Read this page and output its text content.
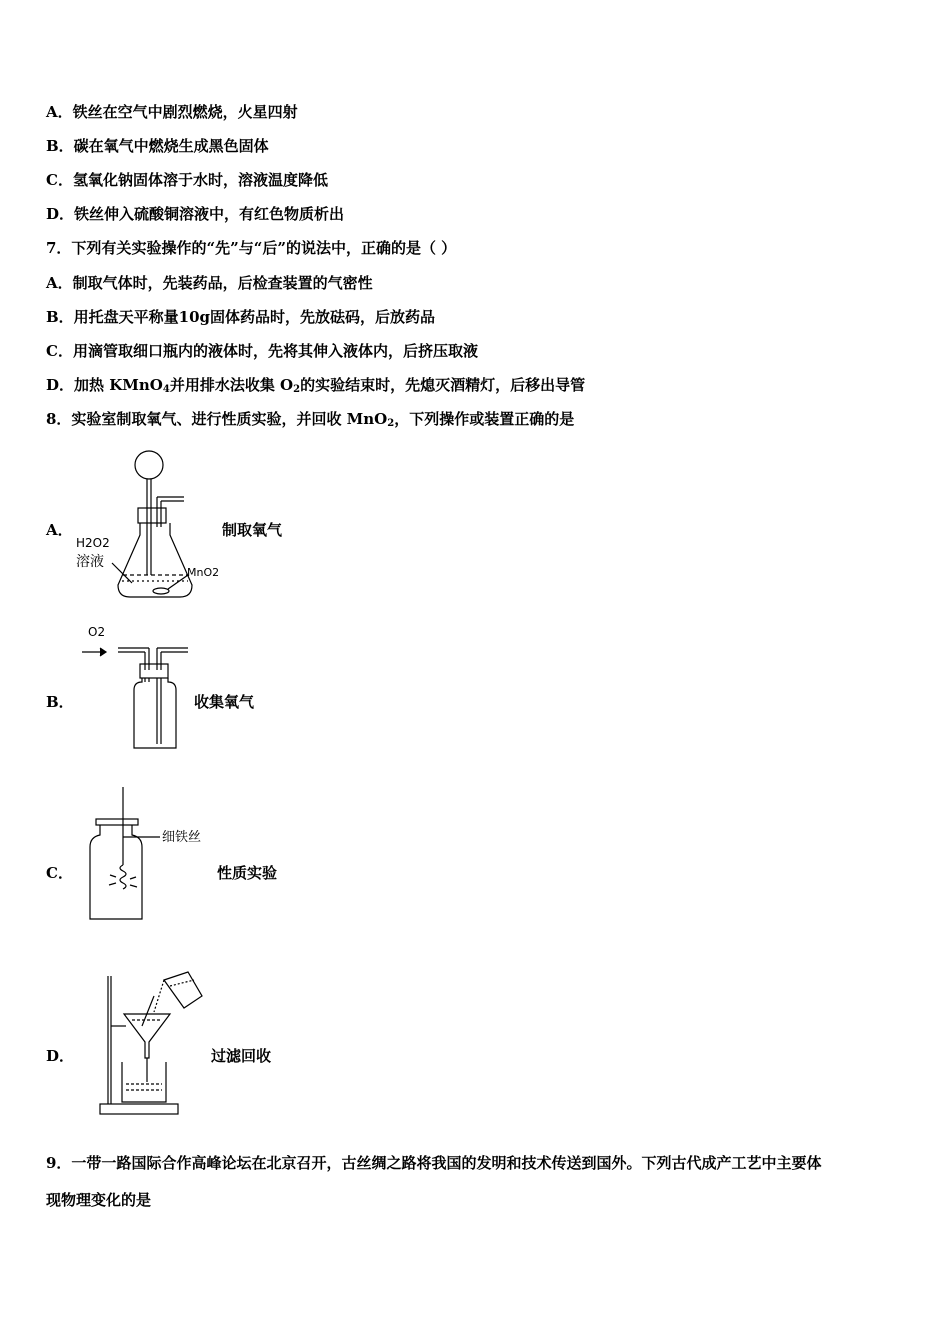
A．铁丝在空气中剧烈燃烧，火星四射
B．碳在氧气中燃烧生成黑色固体
C．氢氧化钠固体溶于水时，溶液温度降低
D．铁丝伸入硫酸铜溶液中，有红色物质析出
7．下列有关实验操作的“先”与“后”的说法中，正确的是（ ）
A．制取气体时，先装药品，后检查装置的气密性
B．用托盘天平称量10g固体药品时，先放砝码，后放药品
C．用滴管取细口瓶内的液体时，先将其伸入液体内，后挤压取液
D．加热 KMnO$_4$并用排水法收集 $O_2$的实验结束时，先熄灭酒精灯，后移出导管
8．实验室制取氧气、进行性质实验，并回收 MnO$_2$，下列操作或装置正确的是
A．
H2O2
溶液
MnO2
制取氧气
B．
O2
收集氧气
C．
细铁丝
性质实验
D．	过滤回收
9．一带一路国际合作高峰论坛在北京召开，古丝绸之路将我国的发明和技术传送到国外。下列古代成产工艺中主要体
现物理变化的是
